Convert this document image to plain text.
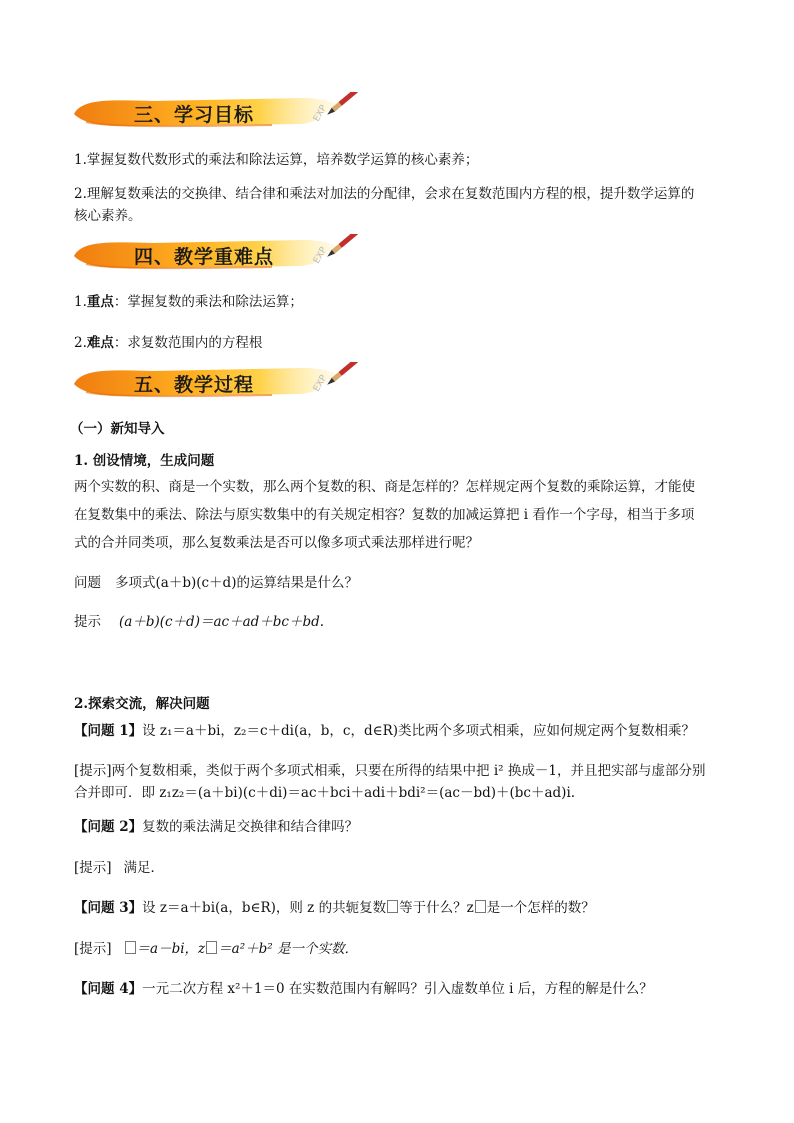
EXP
三、学习目标
EXP
四、教学重难点
EXP
五、教学过程
1.掌握复数代数形式的乘法和除法运算，培养数学运算的核心素养；
2.理解复数乘法的交换律、结合律和乘法对加法的分配律，会求在复数范围内方程的根，提升数学运算的
核心素养。
1.重点：掌握复数的乘法和除法运算；
2.难点：求复数范围内的方程根
（一）新知导入
1. 创设情境，生成问题
两个实数的积、商是一个实数，那么两个复数的积、商是怎样的？怎样规定两个复数的乘除运算，才能使
在复数集中的乘法、除法与原实数集中的有关规定相容？复数的加减运算把 i 看作一个字母，相当于多项
式的合并同类项，那么复数乘法是否可以像多项式乘法那样进行呢？
问题 多项式(a＋b)(c＋d)的运算结果是什么？
提示 (a＋b)(c＋d)＝ac＋ad＋bc＋bd.
2.探索交流，解决问题
【问题 1】设 z₁＝a＋bi，z₂＝c＋di(a，b，c，d∈R)类比两个多项式相乘，应如何规定两个复数相乘？
[提示]两个复数相乘，类似于两个多项式相乘，只要在所得的结果中把 i² 换成－1，并且把实部与虚部分别
合并即可．即 z₁z₂＝(a＋bi)(c＋di)＝ac＋bci＋adi＋bdi²＝(ac－bd)＋(bc＋ad)i.
【问题 2】复数的乘法满足交换律和结合律吗？
[提示] 满足．
【问题 3】设 z＝a＋bi(a，b∈R)，则 z 的共轭复数 等于什么？z 是一个怎样的数？
[提示] ＝a－bi，z ＝a²＋b² 是一个实数．
【问题 4】一元二次方程 x²＋1＝0 在实数范围内有解吗？引入虚数单位 i 后，方程的解是什么？
